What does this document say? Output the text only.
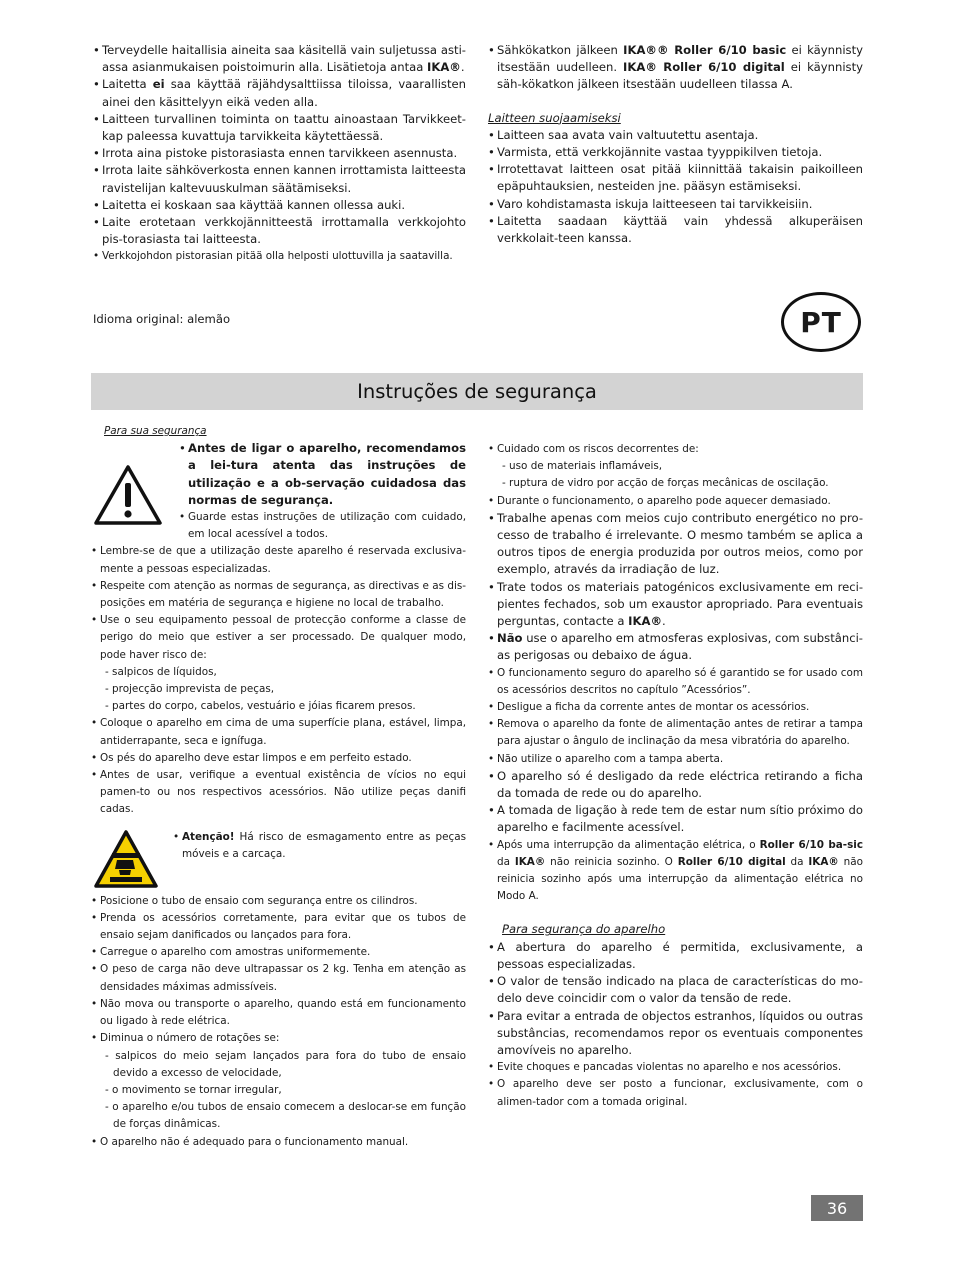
• Terveydelle haitallisia aineita saa käsitellä vain suljetussa asti-assa asianmukaisen poistoimurin alla. Lisätietoja antaa IKA®.
• Laitetta ei saa käyttää räjähdysalttiissa tiloissa, vaarallisten ainei den käsittelyyn eikä veden alla.
• Laitteen turvallinen toiminta on taattu ainoastaan Tarvikkeet-kap paleessa kuvattuja tarvikkeita käytettäessä.
• Irrota aina pistoke pistorasiasta ennen tarvikkeen asennusta.
• Irrota laite sähköverkosta ennen kannen irrottamista laitteesta ravistelijan kaltevuuskulman säätämiseksi.
• Laitetta ei koskaan saa käyttää kannen ollessa auki.
• Laite erotetaan verkkojännitteestä irrottamalla verkkojohto pis-torasiasta tai laitteesta.
• Verkkojohdon pistorasian pitää olla helposti ulottuvilla ja saatavilla.
• Sähkökatkon jälkeen IKA®® Roller 6/10 basic ei käynnisty itsestään uudelleen. IKA® Roller 6/10 digital ei käynnisty säh-kökatkon jälkeen itsestään uudelleen tilassa A.
Laitteen suojaamiseksi
• Laitteen saa avata vain valtuutettu asentaja.
• Varmista, että verkkojännite vastaa tyyppikilven tietoja.
• Irrotettavat laitteen osat pitää kiinnittää takaisin paikoilleen epäpuhtauksien, nesteiden jne. pääsyn estämiseksi.
• Varo kohdistamasta iskuja laitteeseen tai tarvikkeisiin.
• Laitetta saadaan käyttää vain yhdessä alkuperäisen verkkolait-teen kanssa.
Idioma original: alemão	PT
Instruções de segurança
Para sua segurança
• Antes de ligar o aparelho, recomendamos a lei-tura atenta das instruções de utilização e a ob-servação cuidadosa das normas de segurança.
• Guarde estas instruções de utilização com cuidado, em local acessível a todos.
• Lembre-se de que a utilização deste aparelho é reservada exclusiva-mente a pessoas especializadas.
• Respeite com atenção as normas de segurança, as directivas e as dis-posições em matéria de segurança e higiene no local de trabalho.
• Use o seu equipamento pessoal de protecção conforme a classe de perigo do meio que estiver a ser processado. De qualquer modo, pode haver risco de:
- salpicos de líquidos,
- projecção imprevista de peças,
- partes do corpo, cabelos, vestuário e jóias ficarem presos.
• Coloque o aparelho em cima de uma superfície plana, estável, limpa, antiderrapante, seca e ignífuga.
• Os pés do aparelho deve estar limpos e em perfeito estado.
• Antes de usar, verifique a eventual existência de vícios no equi pamen-to ou nos respectivos acessórios. Não utilize peças danifi cadas.
• Atenção! Há risco de esmagamento entre as peças móveis e a carcaça.
• Posicione o tubo de ensaio com segurança entre os cilindros.
• Prenda os acessórios corretamente, para evitar que os tubos de ensaio sejam danificados ou lançados para fora.
• Carregue o aparelho com amostras uniformemente.
• O peso de carga não deve ultrapassar os 2 kg. Tenha em atenção as densidades máximas admissíveis.
• Não mova ou transporte o aparelho, quando está em funcionamento ou ligado à rede elétrica.
• Diminua o número de rotações se:
- salpicos do meio sejam lançados para fora do tubo de ensaio devido a excesso de velocidade,
- o movimento se tornar irregular,
- o aparelho e/ou tubos de ensaio comecem a deslocar-se em função de forças dinâmicas.
• O aparelho não é adequado para o funcionamento manual.
• Cuidado com os riscos decorrentes de:
- uso de materiais inflamáveis,
- ruptura de vidro por acção de forças mecânicas de oscilação.
• Durante o funcionamento, o aparelho pode aquecer demasiado.
• Trabalhe apenas com meios cujo contributo energético no pro-cesso de trabalho é irrelevante. O mesmo também se aplica a outros tipos de energia produzida por outros meios, como por exemplo, através da irradiação de luz.
• Trate todos os materiais patogénicos exclusivamente em reci-pientes fechados, sob um exaustor apropriado. Para eventuais perguntas, contacte a IKA®.
• Não use o aparelho em atmosferas explosivas, com substânci-as perigosas ou debaixo de água.
• O funcionamento seguro do aparelho só é garantido se for usado com os acessórios descritos no capítulo ”Acessórios”.
• Desligue a ficha da corrente antes de montar os acessórios.
• Remova o aparelho da fonte de alimentação antes de retirar a tampa para ajustar o ângulo de inclinação da mesa vibratória do aparelho.
• Não utilize o aparelho com a tampa aberta.
• O aparelho só é desligado da rede eléctrica retirando a ficha da tomada de rede ou do aparelho.
• A tomada de ligação à rede tem de estar num sítio próximo do aparelho e facilmente acessível.
• Após uma interrupção da alimentação elétrica, o Roller 6/10 ba-sic da IKA® não reinicia sozinho. O Roller 6/10 digital da IKA® não reinicia sozinho após uma interrupção da alimentação elétrica no Modo A.
Para segurança do aparelho
• A abertura do aparelho é permitida, exclusivamente, a pessoas especializadas.
• O valor de tensão indicado na placa de características do mo-delo deve coincidir com o valor da tensão de rede.
• Para evitar a entrada de objectos estranhos, líquidos ou outras substâncias, recomendamos repor os eventuais componentes amovíveis no aparelho.
• Evite choques e pancadas violentas no aparelho e nos acessórios.
• O aparelho deve ser posto a funcionar, exclusivamente, com o alimen-tador com a tomada original.
36
